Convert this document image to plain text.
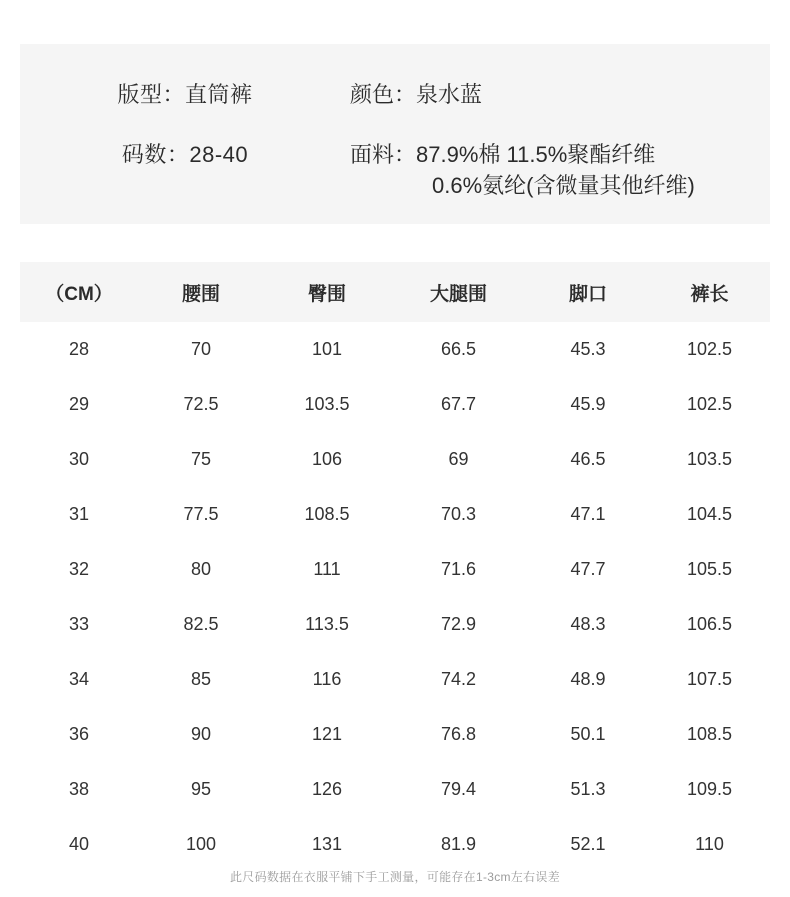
版型：直筒裤	颜色：泉水蓝
码数：28-40	面料：87.9%棉 11.5%聚酯纤维
0.6%氨纶(含微量其他纤维)
（CM）	腰围	臀围	大腿围	脚口	裤长
28	70	101	66.5	45.3	102.5
29	72.5	103.5	67.7	45.9	102.5
30	75	106	69	46.5	103.5
31	77.5	108.5	70.3	47.1	104.5
32	80	111	71.6	47.7	105.5
33	82.5	113.5	72.9	48.3	106.5
34	85	116	74.2	48.9	107.5
36	90	121	76.8	50.1	108.5
38	95	126	79.4	51.3	109.5
40	100	131	81.9	52.1	110
此尺码数据在衣服平铺下手工测量，可能存在1-3cm左右误差
